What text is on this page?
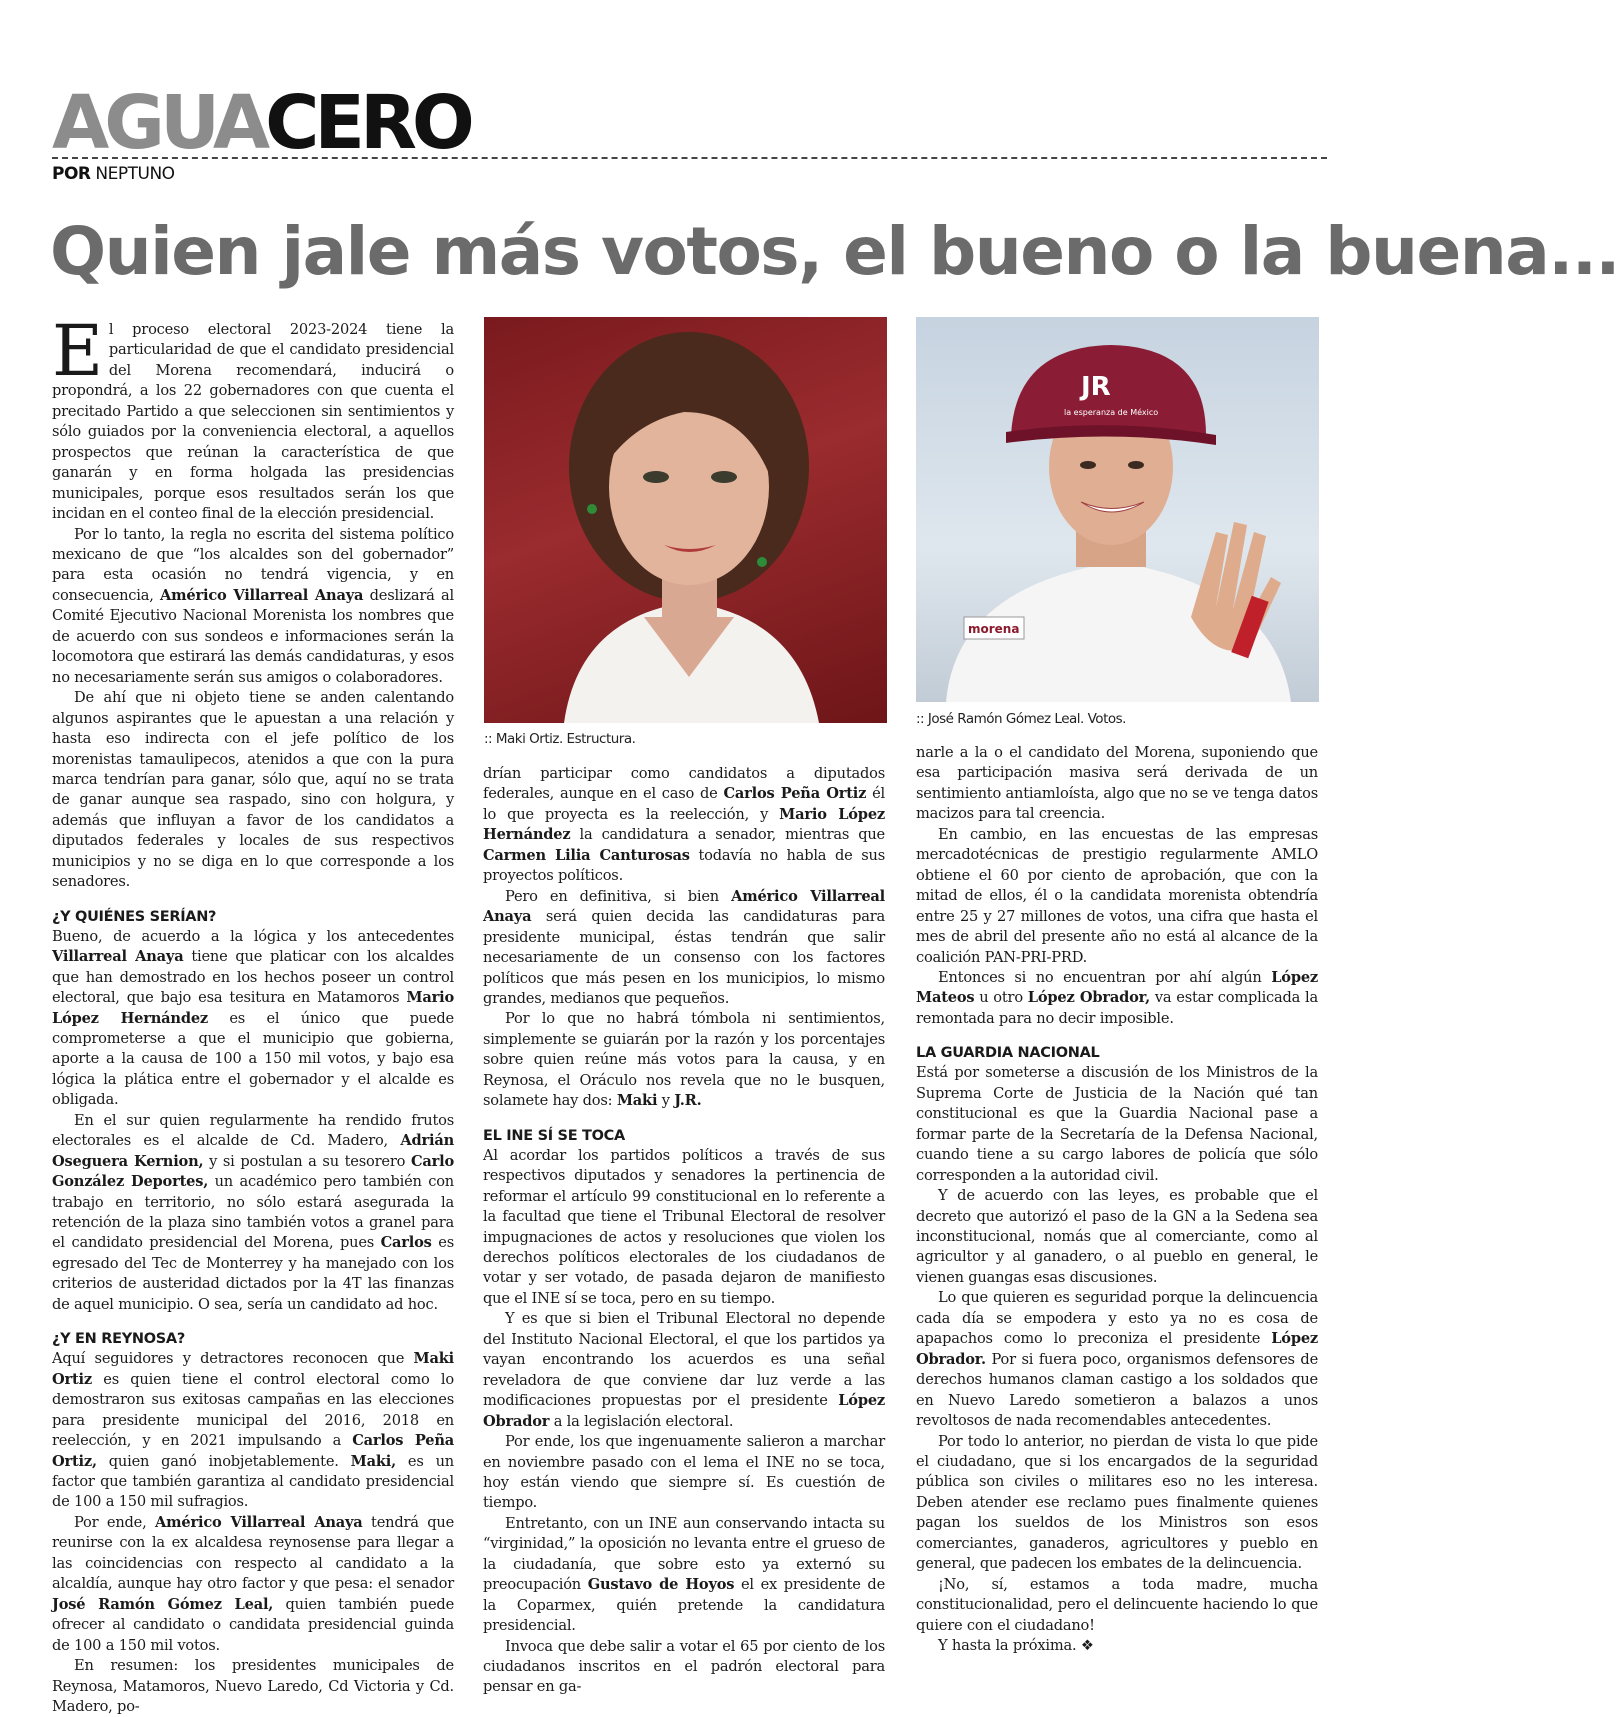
AGUACERO
POR NEPTUNO
Quien jale más votos, el bueno o la buena...

El proceso electoral 2023-2024 tiene la particularidad de que el candidato presidencial del Morena recomendará, inducirá o propondrá, a los 22 gobernadores con que cuenta el precitado Partido a que seleccionen sin sentimientos y sólo guiados por la conveniencia electoral, a aquellos prospectos que reúnan la característica de que ganarán y en forma holgada las presidencias municipales, porque esos resultados serán los que incidan en el conteo final de la elección presidencial.

Por lo tanto, la regla no escrita del sistema político mexicano de que “los alcaldes son del gobernador” para esta ocasión no tendrá vigencia, y en consecuencia, Américo Villarreal Anaya deslizará al Comité Ejecutivo Nacional Morenista los nombres que de acuerdo con sus sondeos e informaciones serán la locomotora que estirará las demás candidaturas, y esos no necesariamente serán sus amigos o colaboradores.

De ahí que ni objeto tiene se anden calentando algunos aspirantes que le apuestan a una relación y hasta eso indirecta con el jefe político de los morenistas tamaulipecos, atenidos a que con la pura marca tendrían para ganar, sólo que, aquí no se trata de ganar aunque sea raspado, sino con holgura, y además que influyan a favor de los candidatos a diputados federales y locales de sus respectivos municipios y no se diga en lo que corresponde a los senadores.

¿Y QUIÉNES SERÍAN?

Bueno, de acuerdo a la lógica y los antecedentes Villarreal Anaya tiene que platicar con los alcaldes que han demostrado en los hechos poseer un control electoral, que bajo esa tesitura en Matamoros Mario López Hernández es el único que puede comprometerse a que el municipio que gobierna, aporte a la causa de 100 a 150 mil votos, y bajo esa lógica la plática entre el gobernador y el alcalde es obligada.

En el sur quien regularmente ha rendido frutos electorales es el alcalde de Cd. Madero, Adrián Oseguera Kernion, y si postulan a su tesorero Carlo González Deportes, un académico pero también con trabajo en territorio, no sólo estará asegurada la retención de la plaza sino también votos a granel para el candidato presidencial del Morena, pues Carlos es egresado del Tec de Monterrey y ha manejado con los criterios de austeridad dictados por la 4T las finanzas de aquel municipio. O sea, sería un candidato ad hoc.

¿Y EN REYNOSA?

Aquí seguidores y detractores reconocen que Maki Ortiz es quien tiene el control electoral como lo demostraron sus exitosas campañas en las elecciones para presidente municipal del 2016, 2018 en reelección, y en 2021 impulsando a Carlos Peña Ortiz, quien ganó inobjetablemente. Maki, es un factor que también garantiza al candidato presidencial de 100 a 150 mil sufragios.

Por ende, Américo Villarreal Anaya tendrá que reunirse con la ex alcaldesa reynosense para llegar a las coincidencias con respecto al candidato a la alcaldía, aunque hay otro factor y que pesa: el senador José Ramón Gómez Leal, quien también puede ofrecer al candidato o candidata presidencial guinda de 100 a 150 mil votos.

En resumen: los presidentes municipales de Reynosa, Matamoros, Nuevo Laredo, Cd Victoria y Cd. Madero, po-

:: Maki Ortiz. Estructura.
morena
JR
la esperanza de México
:: José Ramón Gómez Leal. Votos.

drían participar como candidatos a diputados federales, aunque en el caso de Carlos Peña Ortiz él lo que proyecta es la reelección, y Mario López Hernández la candidatura a senador, mientras que Carmen Lilia Canturosas todavía no habla de sus proyectos políticos.

Pero en definitiva, si bien Américo Villarreal Anaya será quien decida las candidaturas para presidente municipal, éstas tendrán que salir necesariamente de un consenso con los factores políticos que más pesen en los municipios, lo mismo grandes, medianos que pequeños.

Por lo que no habrá tómbola ni sentimientos, simplemente se guiarán por la razón y los porcentajes sobre quien reúne más votos para la causa, y en Reynosa, el Oráculo nos revela que no le busquen, solamete hay dos: Maki y J.R.

EL INE SÍ SE TOCA

Al acordar los partidos políticos a través de sus respectivos diputados y senadores la pertinencia de reformar el artículo 99 constitucional en lo referente a la facultad que tiene el Tribunal Electoral de resolver impugnaciones de actos y resoluciones que violen los derechos políticos electorales de los ciudadanos de votar y ser votado, de pasada dejaron de manifiesto que el INE sí se toca, pero en su tiempo.

Y es que si bien el Tribunal Electoral no depende del Instituto Nacional Electoral, el que los partidos ya vayan encontrando los acuerdos es una señal reveladora de que conviene dar luz verde a las modificaciones propuestas por el presidente López Obrador a la legislación electoral.

Por ende, los que ingenuamente salieron a marchar en noviembre pasado con el lema el INE no se toca, hoy están viendo que siempre sí. Es cuestión de tiempo.

Entretanto, con un INE aun conservando intacta su “virginidad,” la oposición no levanta entre el grueso de la ciudadanía, que sobre esto ya externó su preocupación Gustavo de Hoyos el ex presidente de la Coparmex, quién pretende la candidatura presidencial.

Invoca que debe salir a votar el 65 por ciento de los ciudadanos inscritos en el padrón electoral para pensar en ga-

narle a la o el candidato del Morena, suponiendo que esa participación masiva será derivada de un sentimiento antiamloísta, algo que no se ve tenga datos macizos para tal creencia.

En cambio, en las encuestas de las empresas mercadotécnicas de prestigio regularmente AMLO obtiene el 60 por ciento de aprobación, que con la mitad de ellos, él o la candidata morenista obtendría entre 25 y 27 millones de votos, una cifra que hasta el mes de abril del presente año no está al alcance de la coalición PAN-PRI-PRD.

Entonces si no encuentran por ahí algún López Mateos u otro López Obrador, va estar complicada la remontada para no decir imposible.

LA GUARDIA NACIONAL

Está por someterse a discusión de los Ministros de la Suprema Corte de Justicia de la Nación qué tan constitucional es que la Guardia Nacional pase a formar parte de la Secretaría de la Defensa Nacional, cuando tiene a su cargo labores de policía que sólo corresponden a la autoridad civil.

Y de acuerdo con las leyes, es probable que el decreto que autorizó el paso de la GN a la Sedena sea inconstitucional, nomás que al comerciante, como al agricultor y al ganadero, o al pueblo en general, le vienen guangas esas discusiones.

Lo que quieren es seguridad porque la delincuencia cada día se empodera y esto ya no es cosa de apapachos como lo preconiza el presidente López Obrador. Por si fuera poco, organismos defensores de derechos humanos claman castigo a los soldados que en Nuevo Laredo sometieron a balazos a unos revoltosos de nada recomendables antecedentes.

Por todo lo anterior, no pierdan de vista lo que pide el ciudadano, que si los encargados de la seguridad pública son civiles o militares eso no les interesa. Deben atender ese reclamo pues finalmente quienes pagan los sueldos de los Ministros son esos comerciantes, ganaderos, agricultores y pueblo en general, que padecen los embates de la delincuencia.

¡No, sí, estamos a toda madre, mucha constitucionalidad, pero el delincuente haciendo lo que quiere con el ciudadano!

Y hasta la próxima. ❖
